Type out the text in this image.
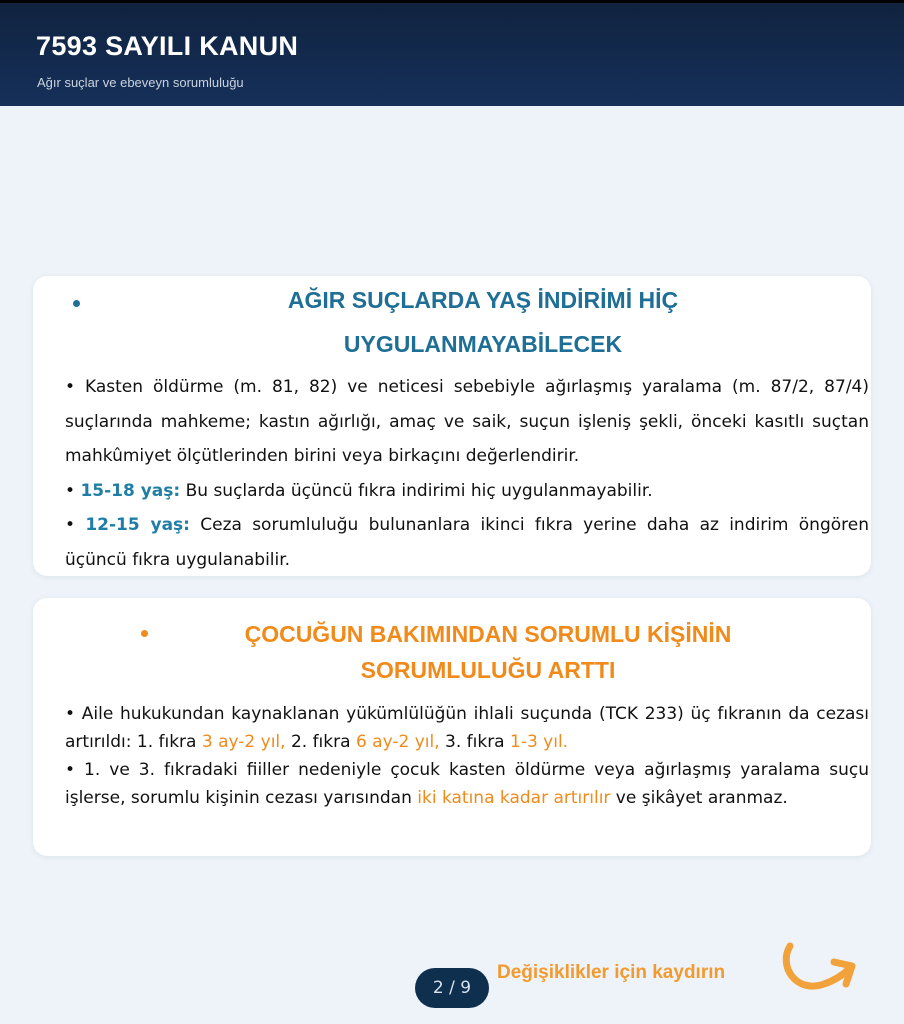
7593 SAYILI KANUN
Ağır suçlar ve ebeveyn sorumluluğu
AĞIR SUÇLARDA YAŞ İNDİRİMİ HİÇ
UYGULANMAYABİLECEK

• Kasten öldürme (m. 81, 82) ve neticesi sebebiyle ağırlaşmış yaralama (m. 87/2, 87/4) suçlarında mahkeme; kastın ağırlığı, amaç ve saik, suçun işleniş şekli, önceki kasıtlı suçtan mahkûmiyet ölçütlerinden birini veya birkaçını değerlendirir.

• 15-18 yaş: Bu suçlarda üçüncü fıkra indirimi hiç uygulanmayabilir.

• 12-15 yaş: Ceza sorumluluğu bulunanlara ikinci fıkra yerine daha az indirim öngören üçüncü fıkra uygulanabilir.

ÇOCUĞUN BAKIMINDAN SORUMLU KİŞİNİN
SORUMLULUĞU ARTTI

• Aile hukukundan kaynaklanan yükümlülüğün ihlali suçunda (TCK 233) üç fıkranın da cezası artırıldı: 1. fıkra 3 ay-2 yıl, 2. fıkra 6 ay-2 yıl, 3. fıkra 1-3 yıl.

• 1. ve 3. fıkradaki fiiller nedeniyle çocuk kasten öldürme veya ağırlaşmış yaralama suçu işlerse, sorumlu kişinin cezası yarısından iki katına kadar artırılır ve şikâyet aranmaz.

2 / 9
Değişiklikler için kaydırın
